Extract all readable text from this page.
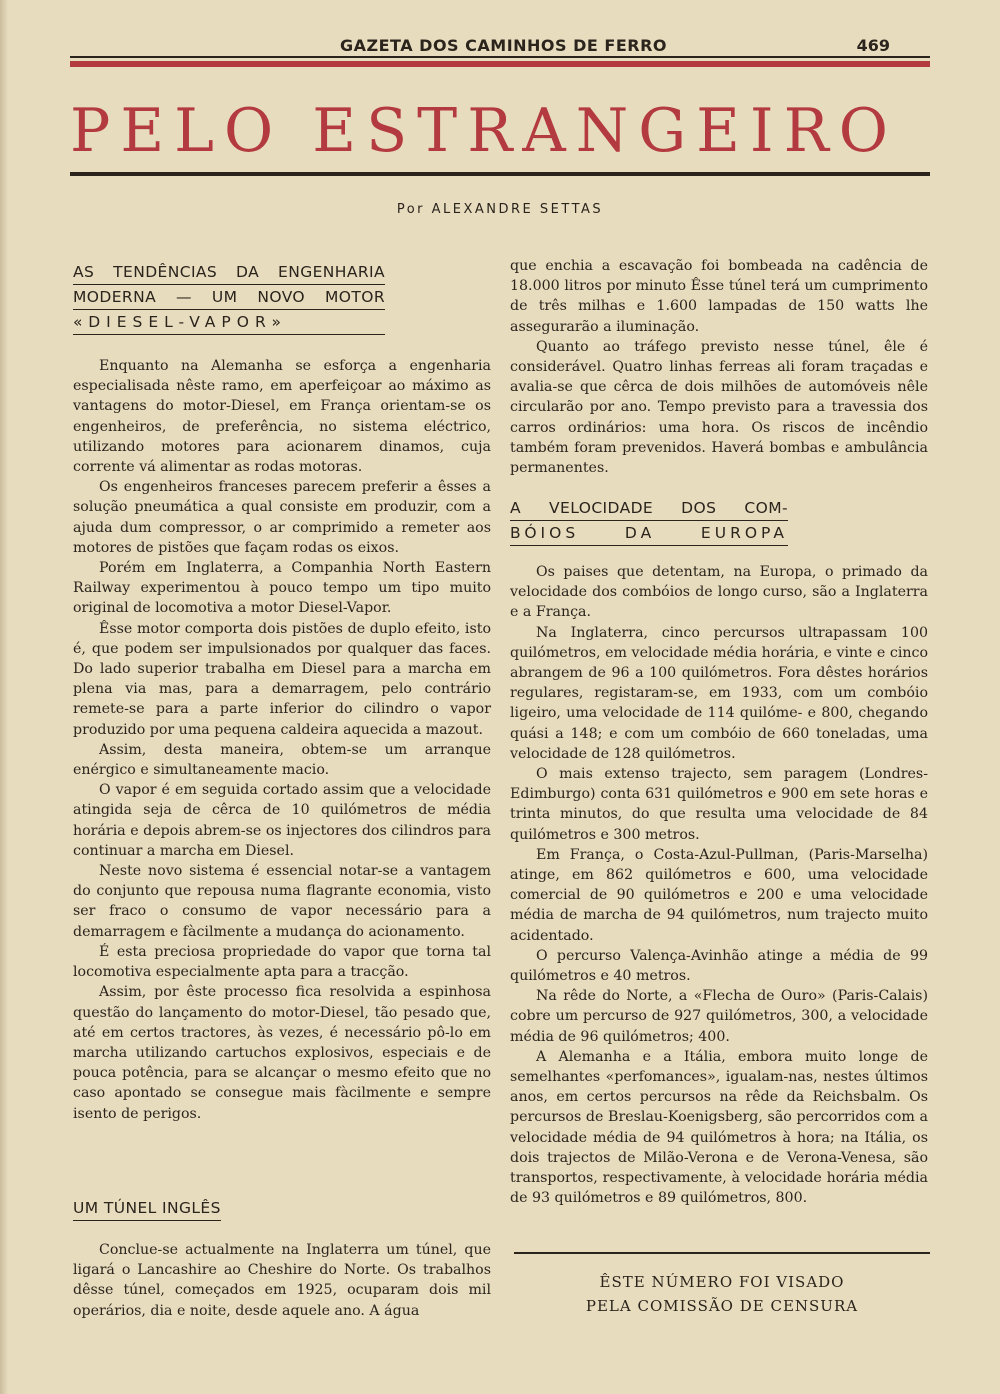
GAZETA DOS CAMINHOS DE FERRO	469
PELO ESTRANGEIRO
Por ALEXANDRE SETTAS
AS TENDÊNCIAS DA ENGENHARIA
MODERNA — UM NOVO MOTOR
«DIESEL-VAPOR»

Enquanto na Alemanha se esforça a engenharia especialisada nêste ramo, em aperfeiçoar ao máximo as vantagens do motor-Diesel, em França orientam-se os engenheiros, de preferência, no sistema eléctrico, utilizando motores para acionarem dinamos, cuja corrente vá alimentar as rodas motoras.

Os engenheiros franceses parecem preferir a êsses a solução pneumática a qual consiste em produzir, com a ajuda dum compressor, o ar comprimido a remeter aos motores de pistões que façam rodas os eixos.

Porém em Inglaterra, a Companhia North Eastern Railway experimentou à pouco tempo um tipo muito original de locomotiva a motor Diesel-Vapor.

Êsse motor comporta dois pistões de duplo efeito, isto é, que podem ser impulsionados por qualquer das faces. Do lado superior trabalha em Diesel para a marcha em plena via mas, para a demarragem, pelo contrário remete-se para a parte inferior do cilindro o vapor produzido por uma pequena caldeira aquecida a mazout.

Assim, desta maneira, obtem-se um arranque enérgico e simultaneamente macio.

O vapor é em seguida cortado assim que a velocidade atingida seja de cêrca de 10 quilómetros de média horária e depois abrem-se os injectores dos cilindros para continuar a marcha em Diesel.

Neste novo sistema é essencial notar-se a vantagem do conjunto que repousa numa flagrante economia, visto ser fraco o consumo de vapor necessário para a demarragem e fàcilmente a mudança do acionamento.

É esta preciosa propriedade do vapor que torna tal locomotiva especialmente apta para a tracção.

Assim, por êste processo fica resolvida a espinhosa questão do lançamento do motor-Diesel, tão pesado que, até em certos tractores, às vezes, é necessário pô-lo em marcha utilizando cartuchos explosivos, especiais e de pouca potência, para se alcançar o mesmo efeito que no caso apontado se consegue mais fàcilmente e sempre isento de perigos.

UM TÚNEL INGLÊS

Conclue-se actualmente na Inglaterra um túnel, que ligará o Lancashire ao Cheshire do Norte. Os trabalhos dêsse túnel, começados em 1925, ocuparam dois mil operários, dia e noite, desde aquele ano. A água

que enchia a escavação foi bombeada na cadência de 18.000 litros por minuto Êsse túnel terá um cumprimento de três milhas e 1.600 lampadas de 150 watts lhe assegurarão a iluminação.

Quanto ao tráfego previsto nesse túnel, êle é considerável. Quatro linhas ferreas ali foram traçadas e avalia-se que cêrca de dois milhões de automóveis nêle circularão por ano. Tempo previsto para a travessia dos carros ordinários: uma hora. Os riscos de incêndio também foram prevenidos. Haverá bombas e ambulância permanentes.

A VELOCIDADE DOS COM-
BÓIOS DA EUROPA

Os paises que detentam, na Europa, o primado da velocidade dos combóios de longo curso, são a Inglaterra e a França.

Na Inglaterra, cinco percursos ultrapassam 100 quilómetros, em velocidade média horária, e vinte e cinco abrangem de 96 a 100 quilómetros. Fora dêstes horários regulares, registaram-se, em 1933, com um combóio ligeiro, uma velocidade de 114 quilóme- e 800, chegando quási a 148; e com um combóio de 660 toneladas, uma velocidade de 128 quilómetros.

O mais extenso trajecto, sem paragem (Londres-Edimburgo) conta 631 quilómetros e 900 em sete horas e trinta minutos, do que resulta uma velocidade de 84 quilómetros e 300 metros.

Em França, o Costa-Azul-Pullman, (Paris-Marselha) atinge, em 862 quilómetros e 600, uma velocidade comercial de 90 quilómetros e 200 e uma velocidade média de marcha de 94 quilómetros, num trajecto muito acidentado.

O percurso Valença-Avinhão atinge a média de 99 quilómetros e 40 metros.

Na rêde do Norte, a «Flecha de Ouro» (Paris-Calais) cobre um percurso de 927 quilómetros, 300, a velocidade média de 96 quilómetros; 400.

A Alemanha e a Itália, embora muito longe de semelhantes «perfomances», igualam-nas, nestes últimos anos, em certos percursos na rêde da Reichsbalm. Os percursos de Breslau-Koenigsberg, são percorridos com a velocidade média de 94 quilómetros à hora; na Itália, os dois trajectos de Milão-Verona e de Verona-Venesa, são transportos, respectivamente, à velocidade horária média de 93 quilómetros e 89 quilómetros, 800.

ÊSTE NÚMERO FOI VISADO
PELA COMISSÃO DE CENSURA
